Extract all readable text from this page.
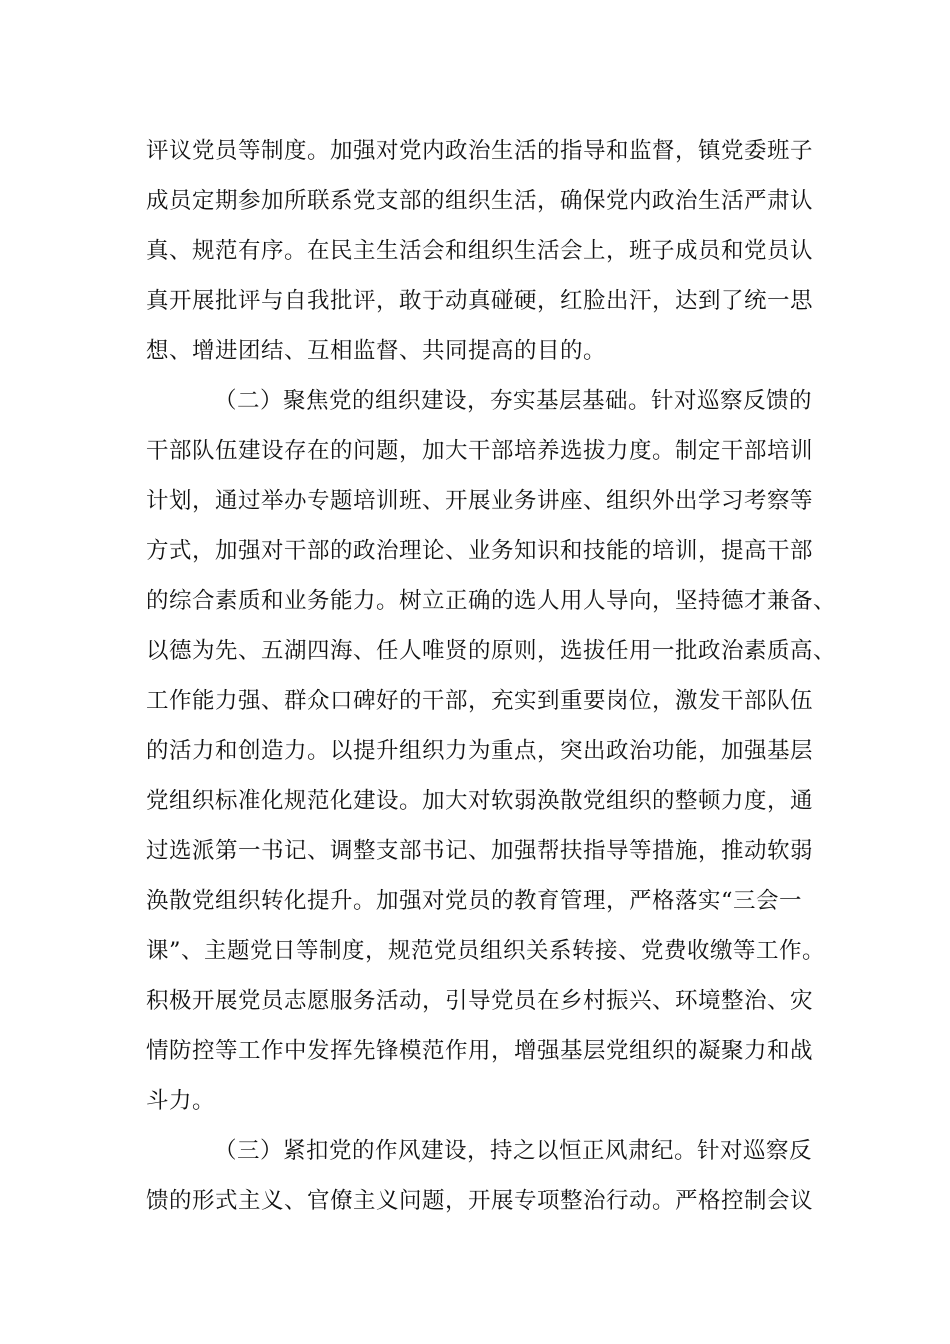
评议党员等制度。加强对党内政治生活的指导和监督，镇党委班子
成员定期参加所联系党支部的组织生活，确保党内政治生活严肃认
真、规范有序。在民主生活会和组织生活会上，班子成员和党员认
真开展批评与自我批评，敢于动真碰硬，红脸出汗，达到了统一思
想、增进团结、互相监督、共同提高的目的。
（二）聚焦党的组织建设，夯实基层基础。针对巡察反馈的
干部队伍建设存在的问题，加大干部培养选拔力度。制定干部培训
计划，通过举办专题培训班、开展业务讲座、组织外出学习考察等
方式，加强对干部的政治理论、业务知识和技能的培训，提高干部
的综合素质和业务能力。树立正确的选人用人导向，坚持德才兼备、
以德为先、五湖四海、任人唯贤的原则，选拔任用一批政治素质高、
工作能力强、群众口碑好的干部，充实到重要岗位，激发干部队伍
的活力和创造力。以提升组织力为重点，突出政治功能，加强基层
党组织标准化规范化建设。加大对软弱涣散党组织的整顿力度，通
过选派第一书记、调整支部书记、加强帮扶指导等措施，推动软弱
涣散党组织转化提升。加强对党员的教育管理，严格落实“三会一
课”、主题党日等制度，规范党员组织关系转接、党费收缴等工作。
积极开展党员志愿服务活动，引导党员在乡村振兴、环境整治、灾
情防控等工作中发挥先锋模范作用，增强基层党组织的凝聚力和战
斗力。
（三）紧扣党的作风建设，持之以恒正风肃纪。针对巡察反
馈的形式主义、官僚主义问题，开展专项整治行动。严格控制会议
